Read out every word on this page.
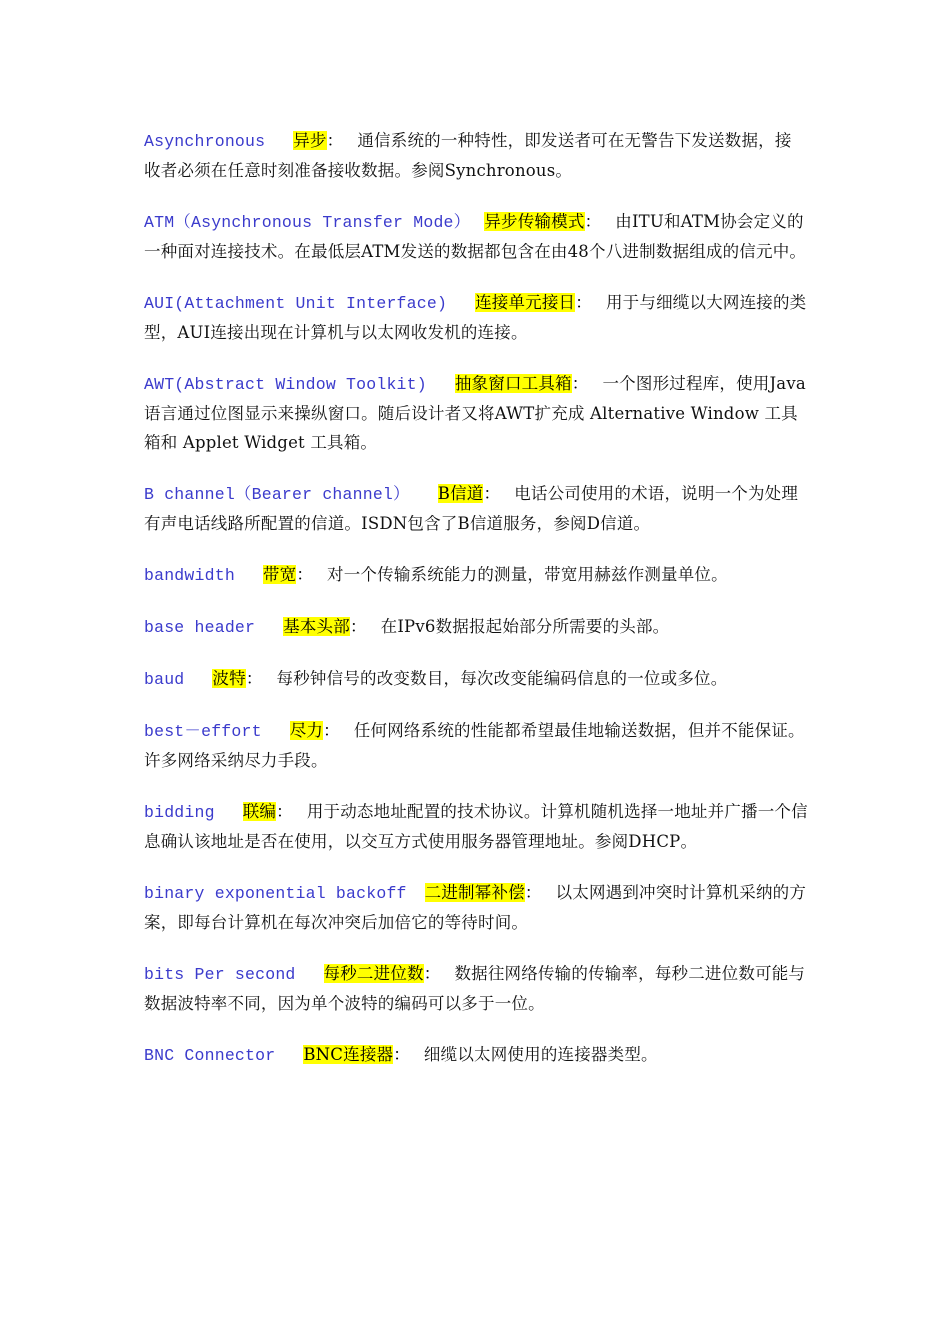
Asynchronous 异步： 通信系统的一种特性，即发送者可在无警告下发送数据，接收者必须在任意时刻准备接收数据。参阅Synchronous。

ATM（Asynchronous Transfer Mode） 异步传输模式： 由ITU和ATM协会定义的一种面对连接技术。在最低层ATM发送的数据都包含在由48个八进制数据组成的信元中。

AUI(Attachment Unit Interface) 连接单元接日： 用于与细缆以大网连接的类型，AUI连接出现在计算机与以太网收发机的连接。

AWT(Abstract Window Toolkit) 抽象窗口工具箱： 一个图形过程库，使用Java语言通过位图显示来操纵窗口。随后设计者又将AWT扩充成 Alternative Window 工具箱和 Applet Widget 工具箱。

B channel（Bearer channel） B信道： 电话公司使用的术语，说明一个为处理有声电话线路所配置的信道。ISDN包含了B信道服务，参阅D信道。

bandwidth 带宽： 对一个传输系统能力的测量，带宽用赫兹作测量单位。

base header 基本头部： 在IPv6数据报起始部分所需要的头部。

baud 波特： 每秒钟信号的改变数目，每次改变能编码信息的一位或多位。

best－effort 尽力： 任何网络系统的性能都希望最佳地输送数据，但并不能保证。许多网络采纳尽力手段。

bidding 联编： 用于动态地址配置的技术协议。计算机随机选择一地址并广播一个信息确认该地址是否在使用，以交互方式使用服务器管理地址。参阅DHCP。

binary exponential backoff 二进制幂补偿： 以太网遇到冲突时计算机采纳的方案，即每台计算机在每次冲突后加倍它的等待时间。

bits Per second 每秒二进位数： 数据往网络传输的传输率，每秒二进位数可能与数据波特率不同，因为单个波特的编码可以多于一位。

BNC Connector BNC连接器： 细缆以太网使用的连接器类型。
